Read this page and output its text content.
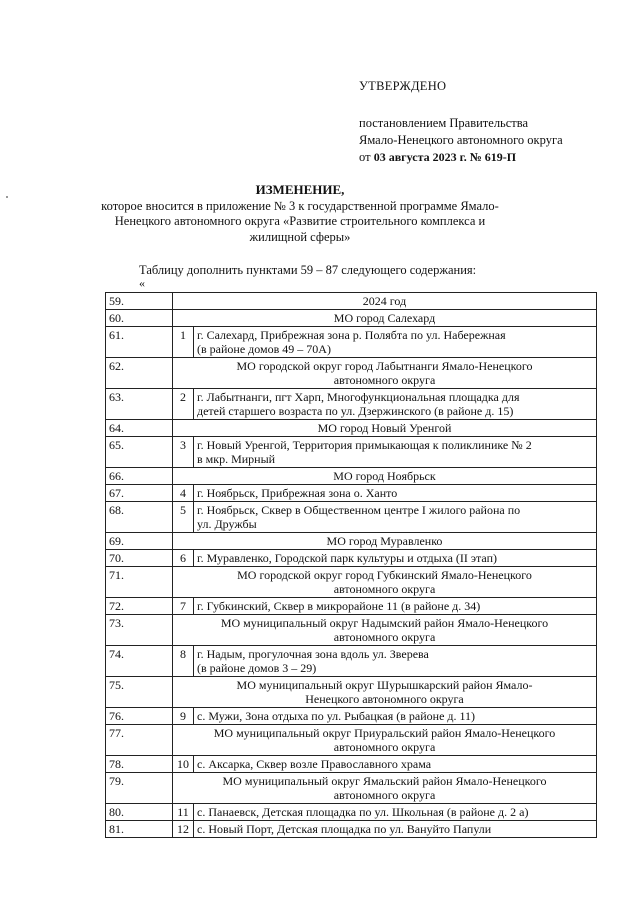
УТВЕРЖДЕНО
постановлением Правительства
Ямало-Ненецкого автономного округа
от 03 августа 2023 г. № 619-П
ИЗМЕНЕНИЕ,
которое вносится в приложение № 3 к государственной программе Ямало-
Ненецкого автономного округа «Развитие строительного комплекса и
жилищной сферы»
Таблицу дополнить пунктами 59 – 87 следующего содержания:
«
59.	2024 год	

60.	МО город Салехард	

61.	1	г. Салехард, Прибрежная зона р. Полябта по ул. Набережная
(в районе домов 49 – 70А)

62.	МО городской округ город Лабытнанги Ямало-Ненецкого
автономного округа	

63.	2	г. Лабытнанги, пгт Харп, Многофункциональная площадка для
детей старшего возраста по ул. Дзержинского (в районе д. 15)

64.	МО город Новый Уренгой	

65.	3	г. Новый Уренгой, Территория примыкающая к поликлинике № 2
в мкр. Мирный

66.	МО город Ноябрьск	

67.	4	г. Ноябрьск, Прибрежная зона о. Ханто

68.	5	г. Ноябрьск, Сквер в Общественном центре I жилого района по
ул. Дружбы

69.	МО город Муравленко	

70.	6	г. Муравленко, Городской парк культуры и отдыха (II этап)

71.	МО городской округ город Губкинский Ямало-Ненецкого
автономного округа	

72.	7	г. Губкинский, Сквер в микрорайоне 11 (в районе д. 34)

73.	МО муниципальный округ Надымский район Ямало-Ненецкого
автономного округа	

74.	8	г. Надым, прогулочная зона вдоль ул. Зверева
(в районе домов 3 – 29)

75.	МО муниципальный округ Шурышкарский район Ямало-
Ненецкого автономного округа	

76.	9	с. Мужи, Зона отдыха по ул. Рыбацкая (в районе д. 11)

77.	МО муниципальный округ Приуральский район Ямало-Ненецкого
автономного округа	

78.	10	с. Аксарка, Сквер возле Православного храма

79.	МО муниципальный округ Ямальский район Ямало-Ненецкого
автономного округа	

80.	11	с. Панаевск, Детская площадка по ул. Школьная (в районе д. 2 а)

81.	12	с. Новый Порт, Детская площадка по ул. Вануйто Папули
